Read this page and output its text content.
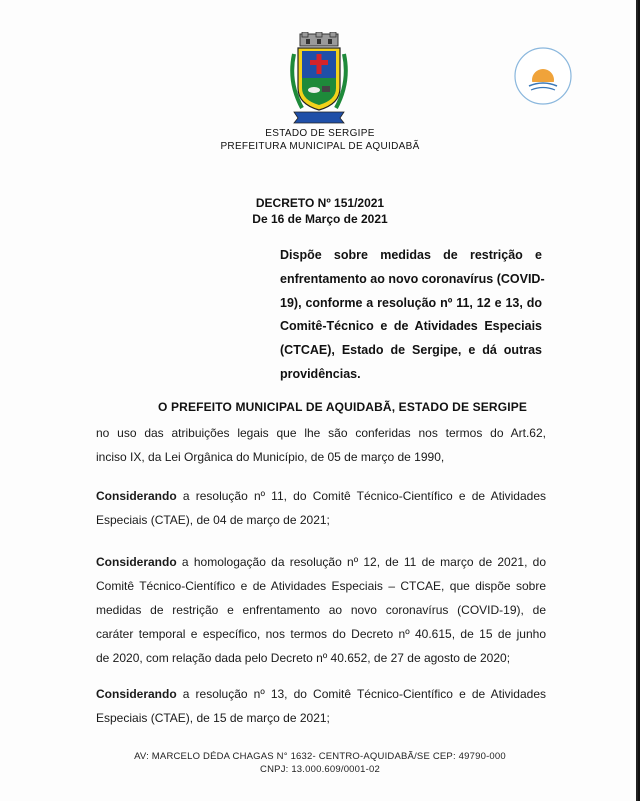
ESTADO DE SERGIPE
PREFEITURA MUNICIPAL DE AQUIDABÃ
DECRETO Nº 151/2021
De 16 de Março de 2021
Dispõe sobre medidas de restrição e
enfrentamento ao novo coronavírus (COVID-
19), conforme a resolução nº 11, 12 e 13, do
Comitê-Técnico e de Atividades Especiais
(CTCAE), Estado de Sergipe, e dá outras
providências.
O PREFEITO MUNICIPAL DE AQUIDABÃ, ESTADO DE SERGIPE
no uso das atribuições legais que lhe são conferidas nos termos do Art.62,
inciso IX, da Lei Orgânica do Município, de 05 de março de 1990,
Considerando a resolução nº 11, do Comitê Técnico-Científico e de Atividades
Especiais (CTAE), de 04 de março de 2021;
Considerando a homologação da resolução nº 12, de 11 de março de 2021, do
Comitê Técnico-Científico e de Atividades Especiais – CTCAE, que dispõe sobre
medidas de restrição e enfrentamento ao novo coronavírus (COVID-19), de
caráter temporal e específico, nos termos do Decreto nº 40.615, de 15 de junho
de 2020, com relação dada pelo Decreto nº 40.652, de 27 de agosto de 2020;
Considerando a resolução nº 13, do Comitê Técnico-Científico e de Atividades
Especiais (CTAE), de 15 de março de 2021;
AV: MARCELO DÉDA CHAGAS N° 1632- CENTRO-AQUIDABÃ/SE CEP: 49790-000
CNPJ: 13.000.609/0001-02
